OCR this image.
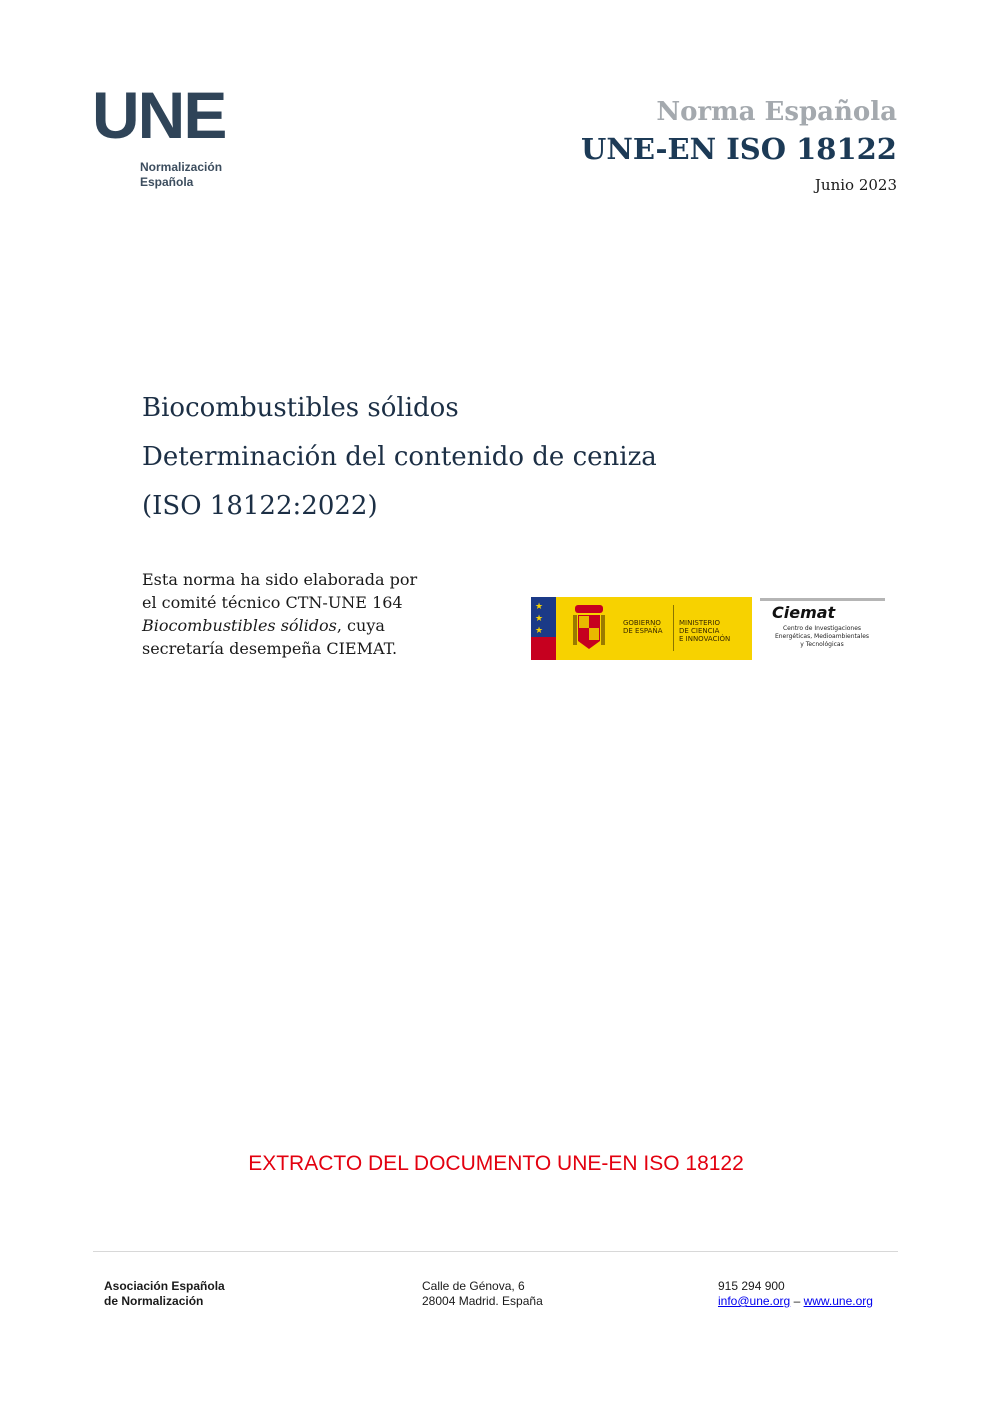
UNE
Normalización
Española
Norma Española
UNE-EN ISO 18122
Junio 2023
Biocombustibles sólidos
Determinación del contenido de ceniza
(ISO 18122:2022)
Esta norma ha sido elaborada por
el comité técnico CTN-UNE 164
Biocombustibles sólidos, cuya
secretaría desempeña CIEMAT.
★
★
★
GOBIERNO
DE ESPAÑA
MINISTERIO
DE CIENCIA
E INNOVACIÓN
Ciemat
Centro de Investigaciones
Energéticas, Medioambientales
y Tecnológicas
EXTRACTO DEL DOCUMENTO UNE-EN ISO 18122
Asociación Española
de Normalización
Calle de Génova, 6
28004 Madrid. España
915 294 900
info@une.org – www.une.org
